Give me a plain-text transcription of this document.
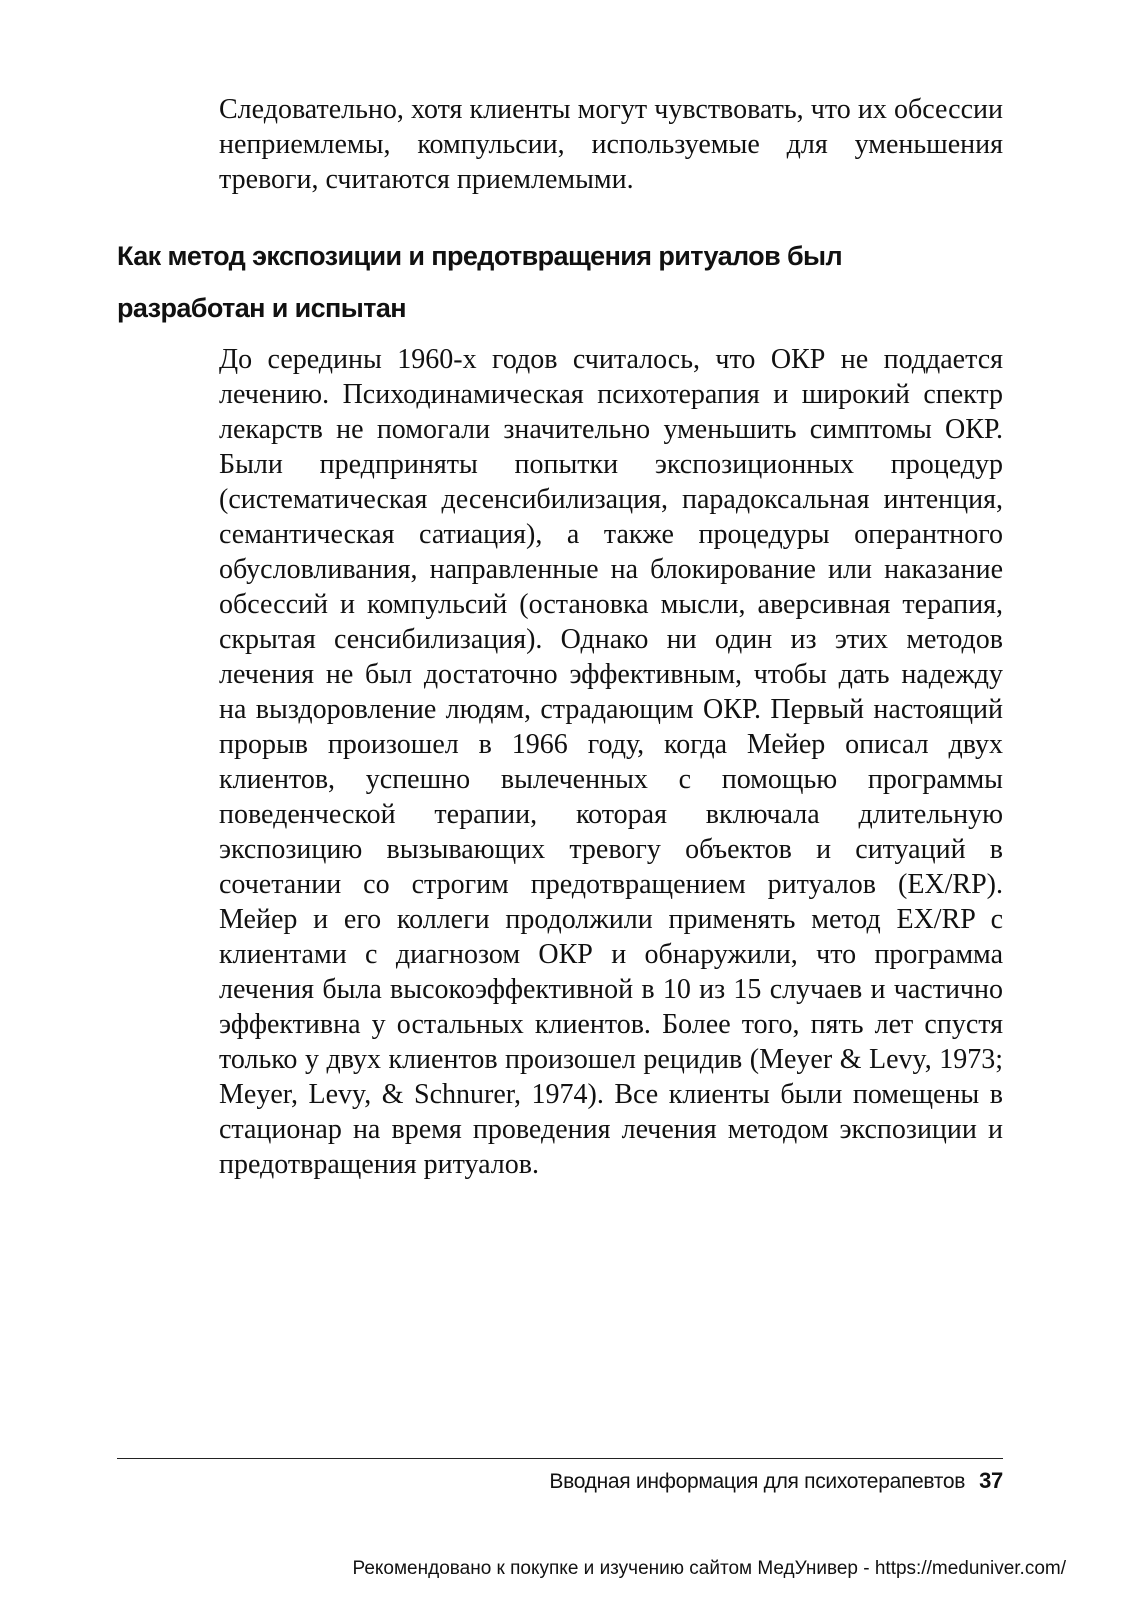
Следовательно, хотя клиенты могут чувствовать, что их обсессии неприемлемы, компульсии, используемые для уменьшения тревоги, считаются приемлемыми.

Как метод экспозиции и предотвращения ритуалов был
разработан и испытан

До середины 1960-х годов считалось, что ОКР не поддается лечению. Психодинамическая психотерапия и широкий спектр лекарств не помогали значительно уменьшить симптомы ОКР. Были предприняты попытки экспозиционных процедур (систематическая десенсибилизация, парадоксальная интенция, семантическая сатиация), а также процедуры оперантного обусловливания, направленные на блокирование или наказание обсессий и компульсий (остановка мысли, аверсивная терапия, скрытая сенсибилизация). Однако ни один из этих методов лечения не был достаточно эффективным, чтобы дать надежду на выздоровление людям, страдающим ОКР. Первый настоящий прорыв произошел в 1966 году, когда Мейер описал двух клиентов, успешно вылеченных с помощью программы поведенческой терапии, которая включала длительную экспозицию вызывающих тревогу объектов и ситуаций в сочетании со строгим предотвращением ритуалов (EX/RP). Мейер и его коллеги продолжили применять метод EX/RP с клиентами с диагнозом ОКР и обнаружили, что программа лечения была высокоэффективной в 10 из 15 случаев и частично эффективна у остальных клиентов. Более того, пять лет спустя только у двух клиентов произошел рецидив (Meyer & Levy, 1973; Meyer, Levy, & Schnurer, 1974). Все клиенты были помещены в стационар на время проведения лечения методом экспозиции и предотвращения ритуалов.

Вводная информация для психотерапевтов 37
Рекомендовано к покупке и изучению сайтом МедУнивер - https://meduniver.com/
